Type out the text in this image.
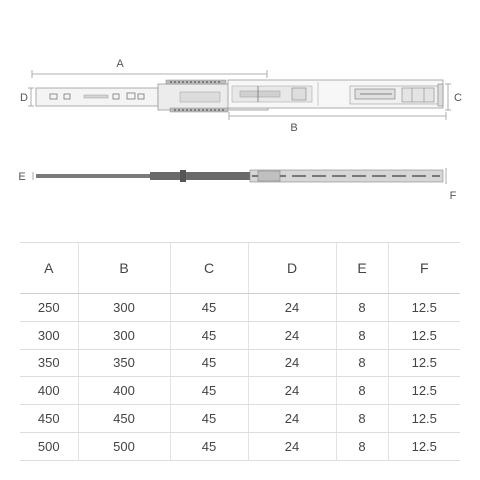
A
D	C
B
E
F
A	B	C	D	E	F
250	300	45	24	8	12.5
300	300	45	24	8	12.5
350	350	45	24	8	12.5
400	400	45	24	8	12.5
450	450	45	24	8	12.5
500	500	45	24	8	12.5
